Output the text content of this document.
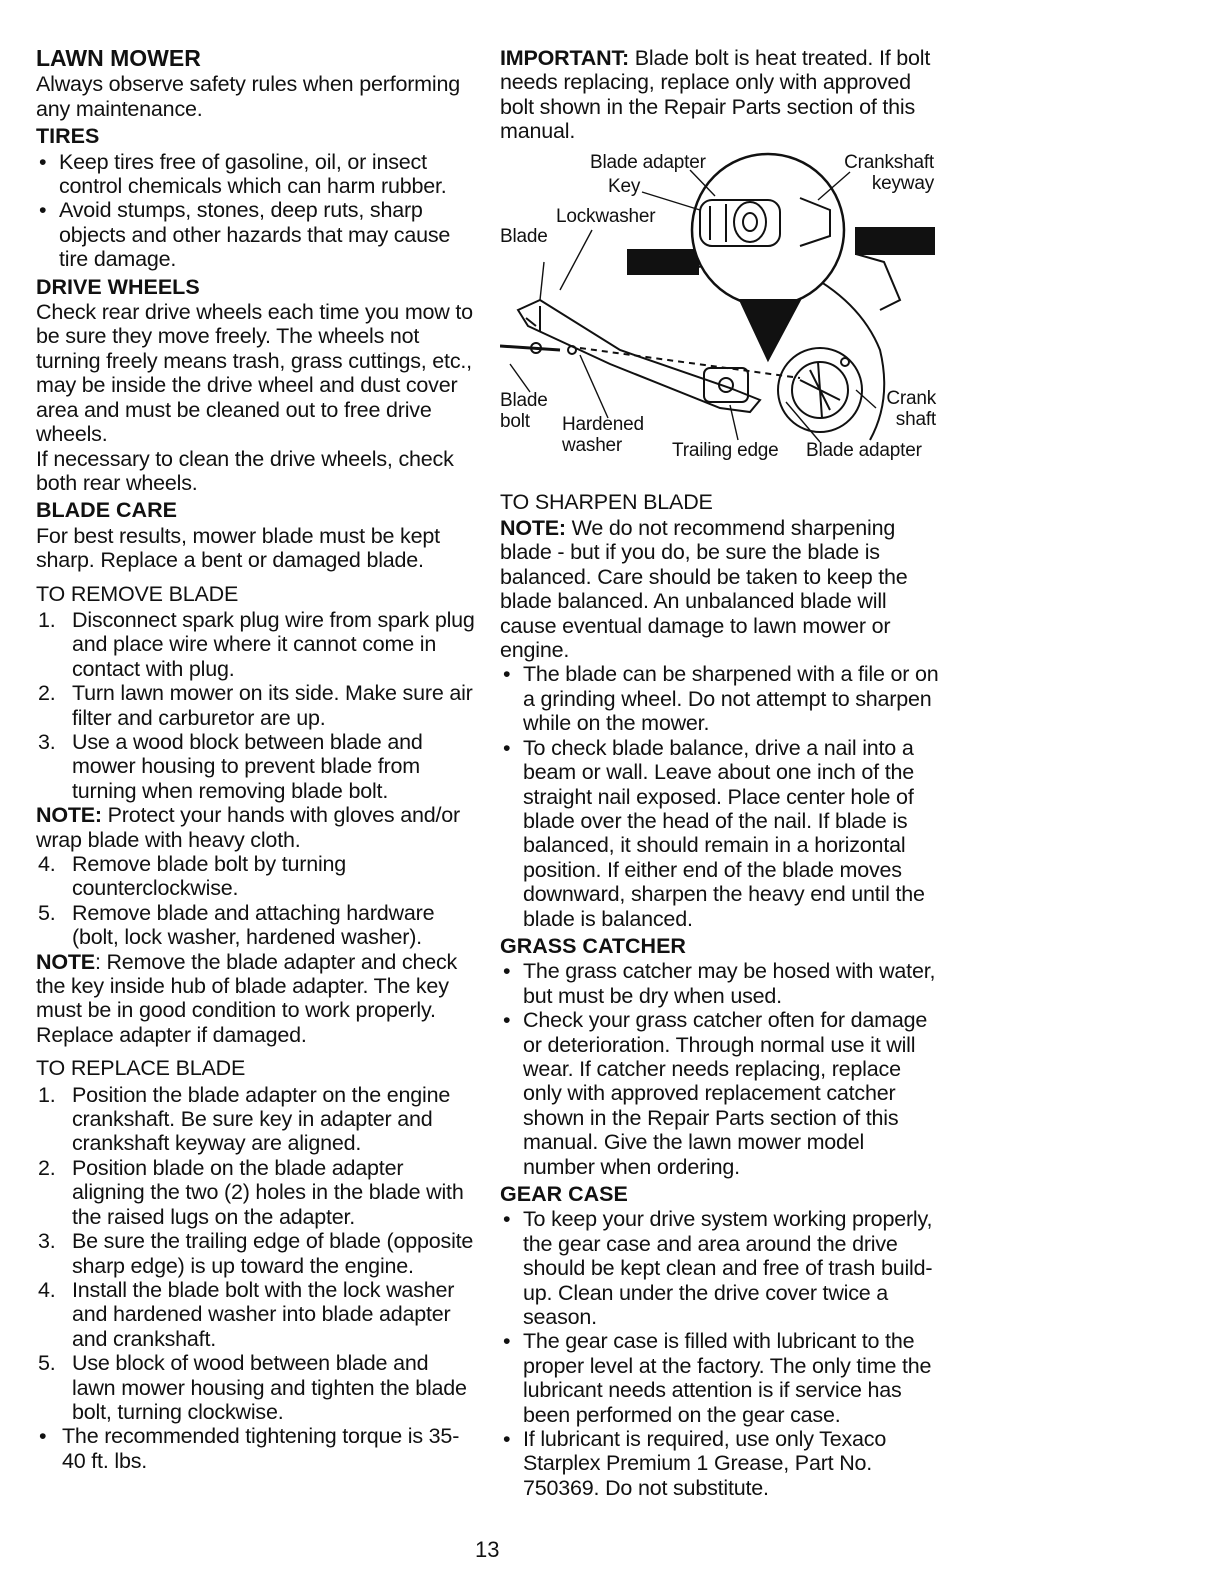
LAWN MOWER

Always observe safety rules when performing any maintenance.

TIRES
• Keep tires free of gasoline, oil, or insect control chemicals which can harm rubber.
• Avoid stumps, stones, deep ruts, sharp objects and other hazards that may cause tire damage.
DRIVE WHEELS

Check rear drive wheels each time you mow to be sure they move freely. The wheels not turning freely means trash, grass cuttings, etc., may be inside the drive wheel and dust cover area and must be cleaned out to free drive wheels.

If necessary to clean the drive wheels, check both rear wheels.

BLADE CARE

For best results, mower blade must be kept sharp. Replace a bent or damaged blade.

TO REMOVE BLADE
1. Disconnect spark plug wire from spark plug and place wire where it cannot come in contact with plug.
2. Turn lawn mower on its side. Make sure air filter and carburetor are up.
3. Use a wood block between blade and mower housing to prevent blade from turning when removing blade bolt.

NOTE: Protect your hands with gloves and/or wrap blade with heavy cloth.

4. Remove blade bolt by turning counterclockwise.
5. Remove blade and attaching hardware (bolt, lock washer, hardened washer).

NOTE: Remove the blade adapter and check the key inside hub of blade adapter. The key must be in good condition to work properly. Replace adapter if damaged.

TO REPLACE BLADE
1. Position the blade adapter on the engine crankshaft. Be sure key in adapter and crankshaft keyway are aligned.
2. Position blade on the blade adapter aligning the two (2) holes in the blade with the raised lugs on the adapter.
3. Be sure the trailing edge of blade (opposite sharp edge) is up toward the engine.
4. Install the blade bolt with the lock washer and hardened washer into blade adapter and crankshaft.
5. Use block of wood between blade and lawn mower housing and tighten the blade bolt, turning clockwise.
• The recommended tightening torque is 35-40 ft. lbs.

IMPORTANT: Blade bolt is heat treated. If bolt needs replacing, replace only with approved bolt shown in the Repair Parts section of this manual.

Blade adapter	Crankshaft keyway
Key
Lockwasher
Blade
Blade bolt
Crank shaft
Hardened washer	Trailing edge Blade adapter
TO SHARPEN BLADE

NOTE: We do not recommend sharpening blade - but if you do, be sure the blade is balanced. Care should be taken to keep the blade balanced. An unbalanced blade will cause eventual damage to lawn mower or engine.

• The blade can be sharpened with a file or on a grinding wheel. Do not attempt to sharpen while on the mower.
• To check blade balance, drive a nail into a beam or wall. Leave about one inch of the straight nail exposed. Place center hole of blade over the head of the nail. If blade is balanced, it should remain in a horizontal position. If either end of the blade moves downward, sharpen the heavy end until the blade is balanced.
GRASS CATCHER
• The grass catcher may be hosed with water, but must be dry when used.
• Check your grass catcher often for damage or deterioration. Through normal use it will wear. If catcher needs replacing, replace only with approved replacement catcher shown in the Repair Parts section of this manual. Give the lawn mower model number when ordering.
GEAR CASE
• To keep your drive system working properly, the gear case and area around the drive should be kept clean and free of trash build-up. Clean under the drive cover twice a season.
• The gear case is filled with lubricant to the proper level at the factory. The only time the lubricant needs attention is if service has been performed on the gear case.
• If lubricant is required, use only Texaco Starplex Premium 1 Grease, Part No. 750369. Do not substitute.
13
